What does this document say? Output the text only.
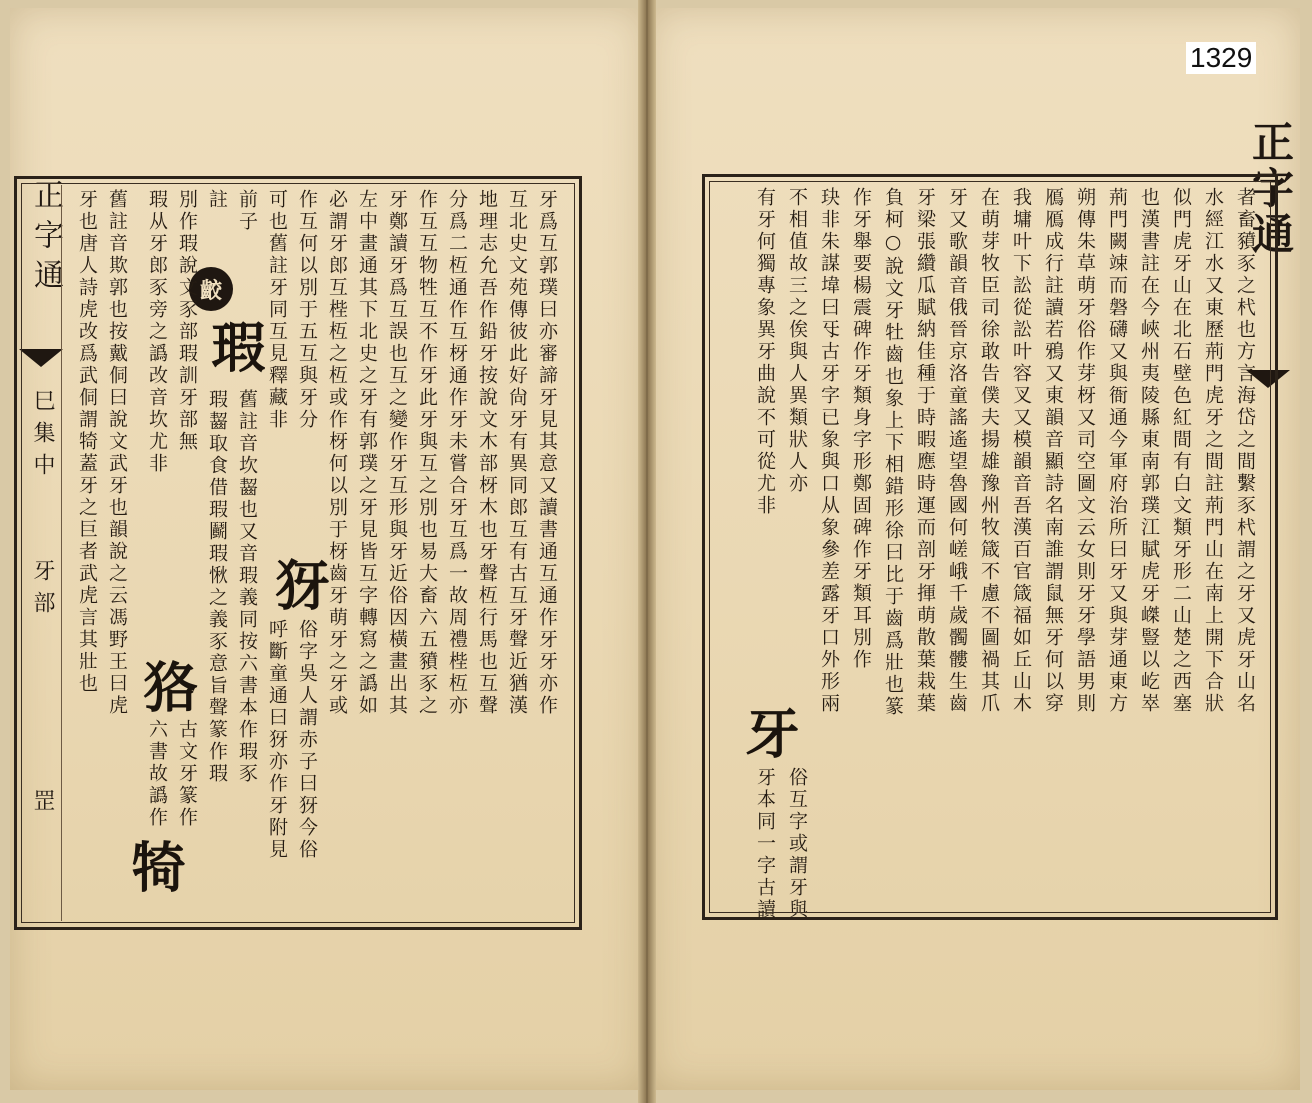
1329
正字通
巳集中
牙部
罡
牙爲互郭璞曰亦審諦牙見其意又讀書通互通作牙牙亦作
互北史文苑傳彼此好尙牙有異同郎互有古互牙聲近猶漢
地理志允吾作鉛牙按說文木部枒木也牙聲枑行馬也互聲
分爲二枑通作互枒通作牙未嘗合牙互爲一故周禮梐枑亦
作互互物牲互不作牙此牙與互之別也易大畜六五豶豕之
牙鄭讀牙爲互誤也互之變作牙互形與牙近俗因橫畫出其
左中畫通其下北史之牙有郭璞之牙見皆互字轉寫之譌如
必謂牙郎互梐枑之枑或作枒何以別于枒齒牙萌牙之牙或
作互何以別于五互與牙分
可也舊註牙同互見釋藏非
犽
俗字吳人謂赤子曰犽今俗
呼斷童通曰犽亦作牙附見
前子
註
齩
瑕
舊註音坎齧也又音瑕義同按六書本作瑕豕
瑕齧取食借瑕鬬瑕愀之義豕意旨聲篆作瑕
別作瑕說文豕部瑕訓牙部無
瑕从牙郎豕旁之譌改音坎尤非
狢
古文牙篆作
六書故譌作
犄
舊註音欺郭也按戴侗曰說文武牙也韻說之云馮野王曰虎
牙也唐人詩虎改爲武侗謂犄蓋牙之巨者武虎言其壯也	正字通
者畜豶豕之杙也方言海岱之間繫豕杙謂之牙又虎牙山名
水經江水又東歷荊門虎牙之間註荊門山在南上開下合狀
似門虎牙山在北石壁色紅間有白文類牙形二山楚之西塞
也漢書註在今峽州夷陵縣東南郭璞江賦虎牙嵥豎以屹崒
荊門闕竦而磐礴又與衙通今軍府治所曰牙又與芽通東方
朔傳朱草萌牙俗作芽枒又司空圖文云女則牙牙學語男則
鴈鴈成行註讀若鴉又東韻音顯詩名南誰謂鼠無牙何以穿
我墉叶下訟從訟叶容叉又模韻音吾漢百官箴福如丘山木
在萌芽牧臣司徐敢告僕夫揚雄豫州牧箴不慮不圖禍其爪
牙又歌韻音俄晉京洛童謠遙望魯國何嵯峨千歲髑髏生齒
牙梁張纘瓜賦納佳種于時暇應時運而剖牙揮萌散葉栽葉
負柯○說文牙牡齒也象上下相錯形徐曰比于齒爲壯也篆
作牙舉要楊震碑作牙類身字形鄭固碑作牙類耳別作
玦非朱謀㙔曰㸦古牙字已象與口从象參差露牙口外形兩
不相值故三之俟與人異類狀人亦
有牙何獨專象異牙曲說不可從尤非
牙
俗互字或謂牙與
牙本同一字古讀
